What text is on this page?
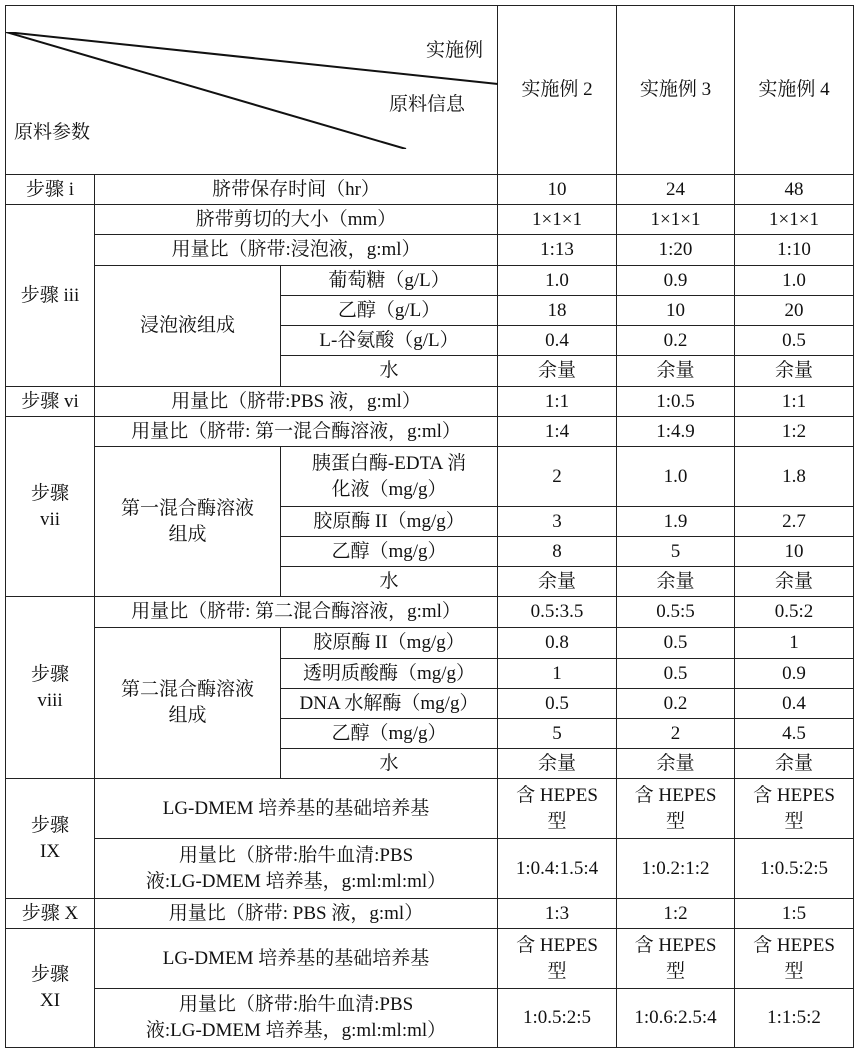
实施例

原料信息

原料参数

	实施例 2	实施例 3	实施例 4
步骤 i	脐带保存时间（hr）	10	24	48
步骤 iii	脐带剪切的大小（mm）	1×1×1	1×1×1	1×1×1
用量比（脐带:浸泡液，g:ml）	1:13	1:20	1:10
浸泡液组成	葡萄糖（g/L）	1.0	0.9	1.0
乙醇（g/L）	18	10	20
L-谷氨酸（g/L）	0.4	0.2	0.5
水	余量	余量	余量
步骤 vi	用量比（脐带:PBS 液，g:ml）	1:1	1:0.5	1:1
步骤
vii	用量比（脐带: 第一混合酶溶液，g:ml）	1:4	1:4.9	1:2
第一混合酶溶液
组成	胰蛋白酶-EDTA 消
化液（mg/g）	2	1.0	1.8
胶原酶 II（mg/g）	3	1.9	2.7
乙醇（mg/g）	8	5	10
水	余量	余量	余量
步骤
viii	用量比（脐带: 第二混合酶溶液，g:ml）	0.5:3.5	0.5:5	0.5:2
第二混合酶溶液
组成	胶原酶 II（mg/g）	0.8	0.5	1
透明质酸酶（mg/g）	1	0.5	0.9
DNA 水解酶（mg/g）	0.5	0.2	0.4
乙醇（mg/g）	5	2	4.5
水	余量	余量	余量
步骤
IX	LG-DMEM 培养基的基础培养基	含 HEPES
型	含 HEPES
型	含 HEPES
型
用量比（脐带:胎牛血清:PBS
液:LG-DMEM 培养基，g:ml:ml:ml）	1:0.4:1.5:4	1:0.2:1:2	1:0.5:2:5
步骤 X	用量比（脐带: PBS 液，g:ml）	1:3	1:2	1:5
步骤
XI	LG-DMEM 培养基的基础培养基	含 HEPES
型	含 HEPES
型	含 HEPES
型
用量比（脐带:胎牛血清:PBS
液:LG-DMEM 培养基，g:ml:ml:ml）	1:0.5:2:5	1:0.6:2.5:4	1:1:5:2
